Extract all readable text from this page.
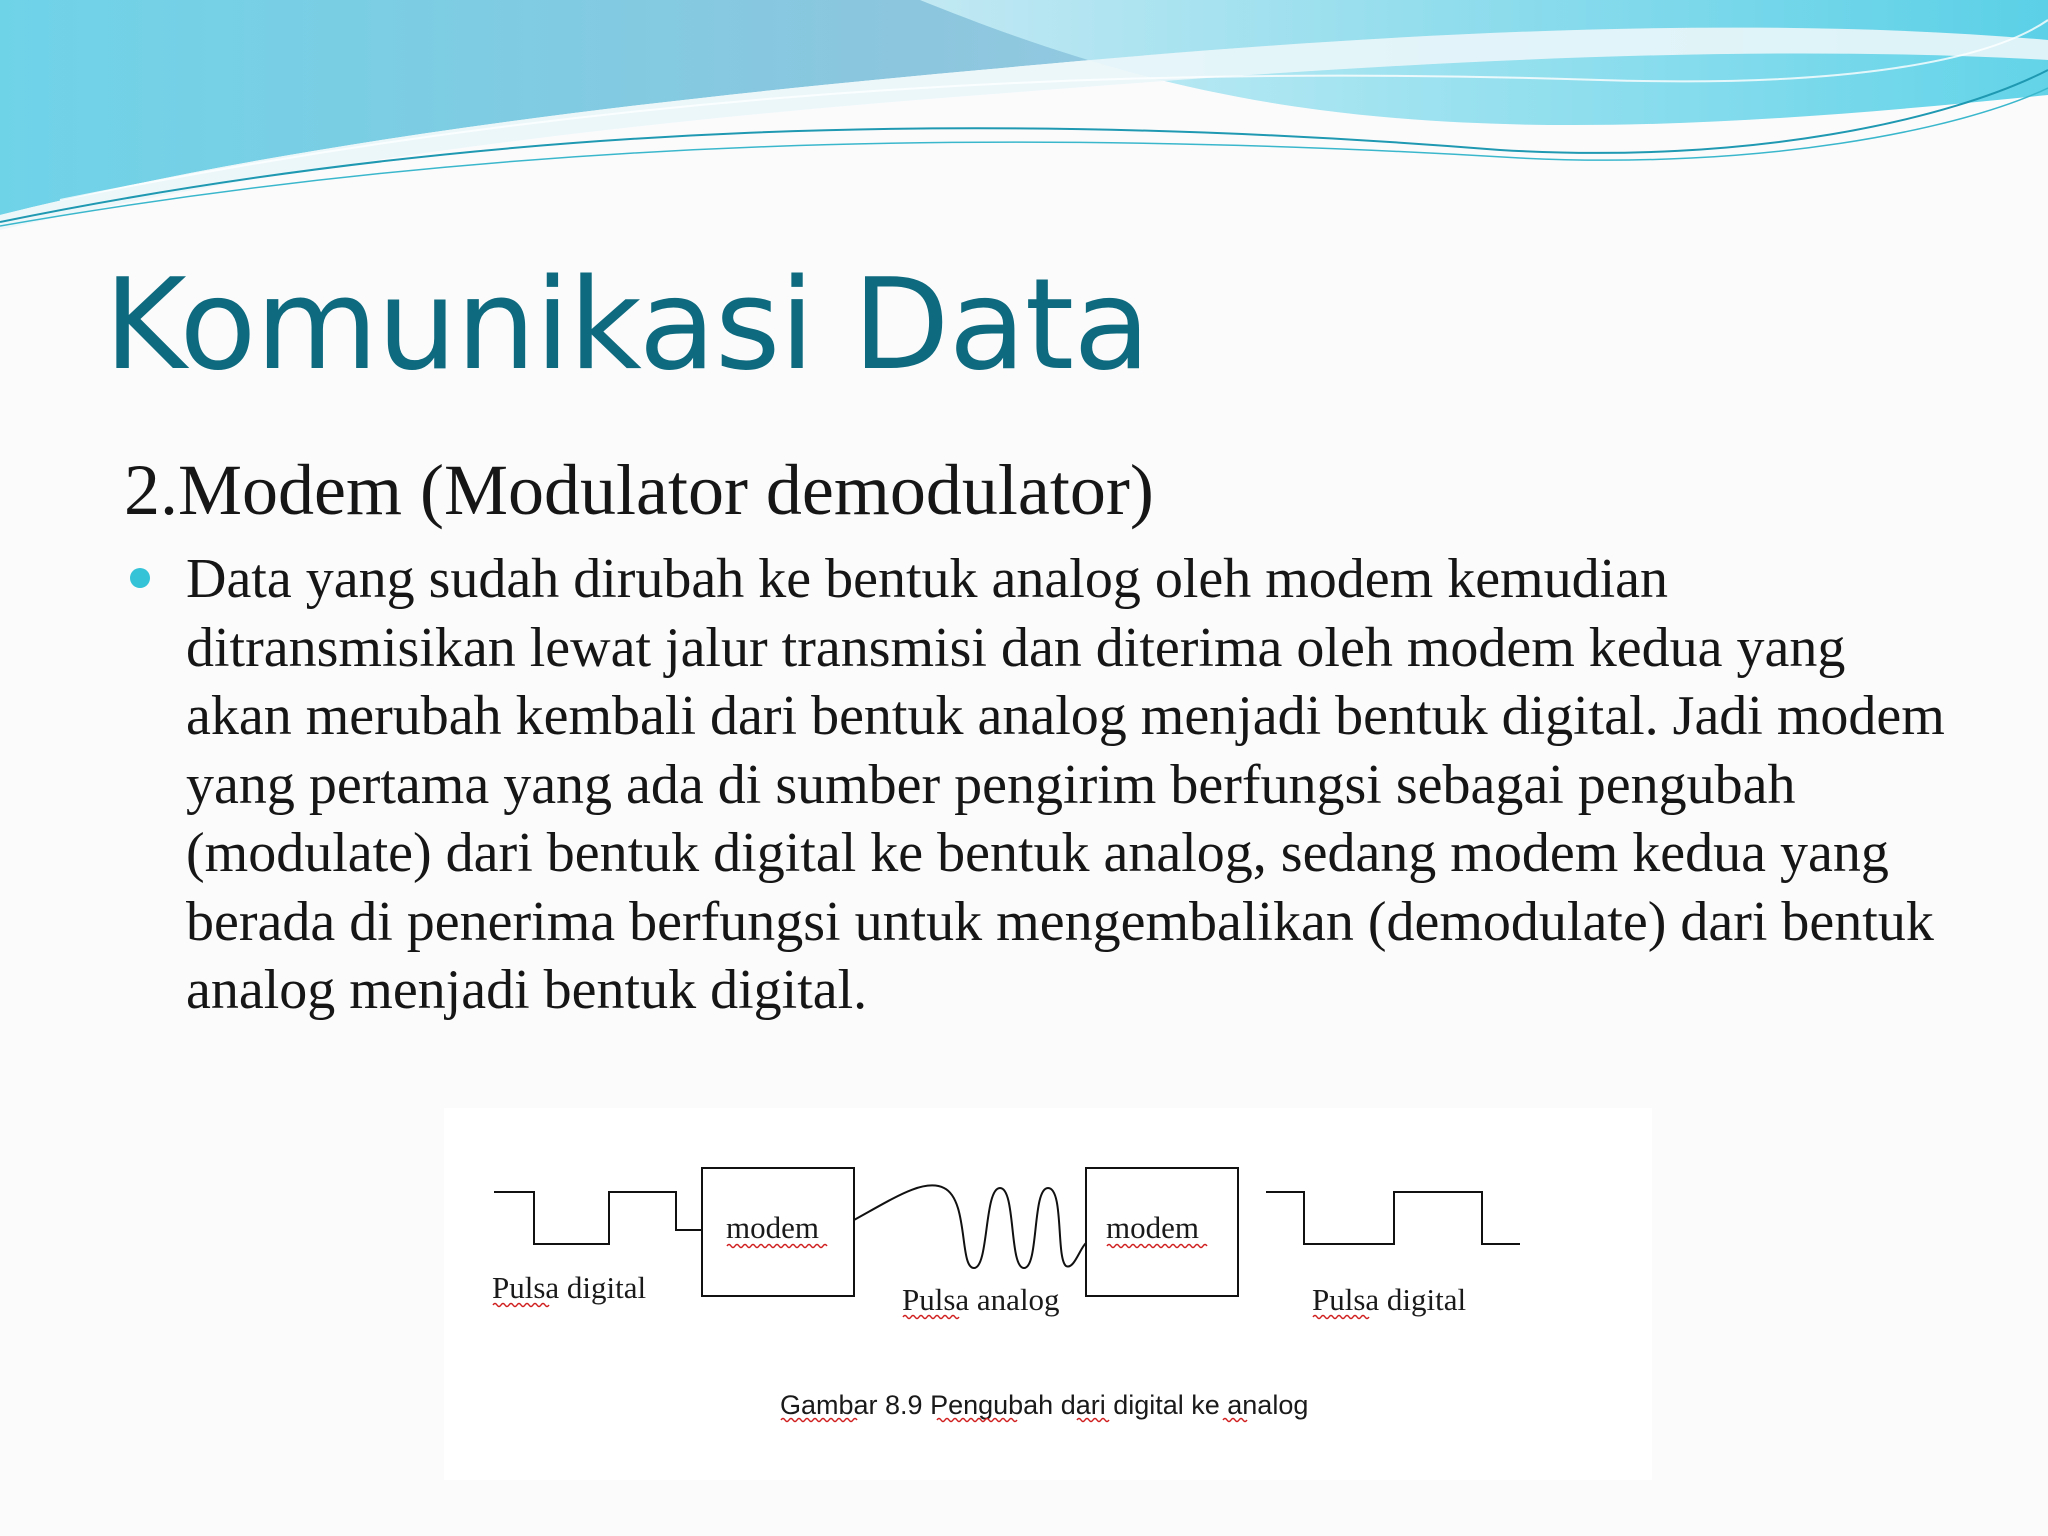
Komunikasi Data
2.Modem (Modulator demodulator)

Data yang sudah dirubah ke bentuk analog oleh modem kemudian ditransmisikan lewat jalur transmisi dan diterima oleh modem kedua yang akan merubah kembali dari bentuk analog menjadi bentuk digital. Jadi modem yang pertama yang ada di sumber pengirim berfungsi sebagai pengubah (modulate) dari bentuk digital ke bentuk analog, sedang modem kedua yang berada di penerima berfungsi untuk mengembalikan (demodulate) dari bentuk analog menjadi bentuk digital.

modem	modem
Pulsa digital	Pulsa analog	Pulsa digital
Gambar 8.9 Pengubah dari digital ke analog
